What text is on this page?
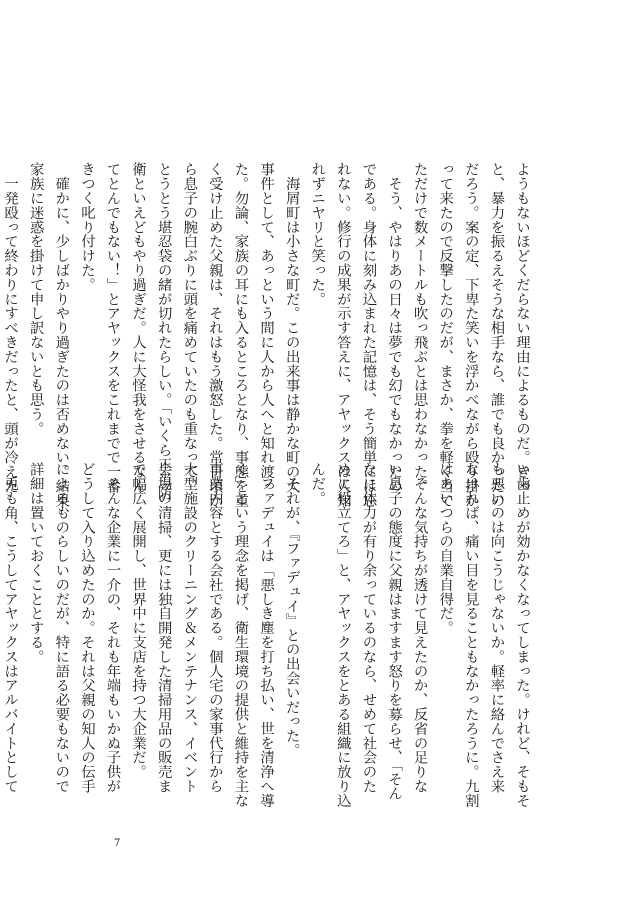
ようもないほどくだらない理由によるものだ。きっ
と、暴力を振るえそうな相手なら、誰でも良かったの
だろう。案の定、下卑た笑いを浮かべながら殴り掛か
って来たので反撃したのだが、まさか、拳を軽く当て
ただけで数メートルも吹っ飛ぶとは思わなかった。
　そう、やはりあの日々は夢でも幻でもなかったの
である。身体に刻み込まれた記憶は、そう簡単には忘
れない。修行の成果が示す答えに、アヤックスは人知
れずニヤリと笑った。
　海屑町は小さな町だ。この出来事は静かな町の大
事件として、あっという間に人から人へと知れ渡っ
た。勿論、家族の耳にも入るところとなり、事態を重
く受け止めた父親は、それはもう激怒した。常日頃か
ら息子の腕白ぶりに頭を痛めていたのも重なって、
とうとう堪忍袋の緒が切れたらしい。「いくら正当防
衛といえどもやり過ぎだ。人に大怪我をさせるなん
てとんでもない！」とアヤックスをこれまでで一番
きつく叱り付けた。
　確かに、少しばかりやり過ぎたのは否めない。結果、
家族に迷惑を掛けて申し訳ないとも思う。
　一発殴って終わりにすべきだったと、頭が冷えた
い歯止めが効かなくなってしまった。けれど、そもそ
も悪いのは向こうじゃないか。軽率に絡んでさえ来
なければ、痛い目を見ることもなかったろうに。九割
はあいつらの自業自得だ。
　そんな気持ちが透けて見えたのか、反省の足りな
い息子の態度に父親はますます怒りを募らせ、「そん
なに体力が有り余っているのなら、せめて社会のた
めに役立てろ」と、アヤックスをとある組織に放り込
んだ。
　それが、『ファデュイ』との出会いだった。
　ファデュイは「悪しき塵を打ち払い、世を清浄へ導
く」という理念を掲げ、衛生環境の提供と維持を主な
事業内容とする会社である。個人宅の家事代行から
大型施設のクリーニング＆メンテナンス、イベント
会場の清掃、更には独自開発した清掃用品の販売ま
で幅広く展開し、世界中に支店を持つ大企業だ。
　そんな企業に一介の、それも年端もいかぬ子供が
どうして入り込めたのか。それは父親の知人の伝手
によるものらしいのだが、特に語る必要もないので
詳細は置いておくこととする。
　兎も角、こうしてアヤックスはアルバイトとして
7
